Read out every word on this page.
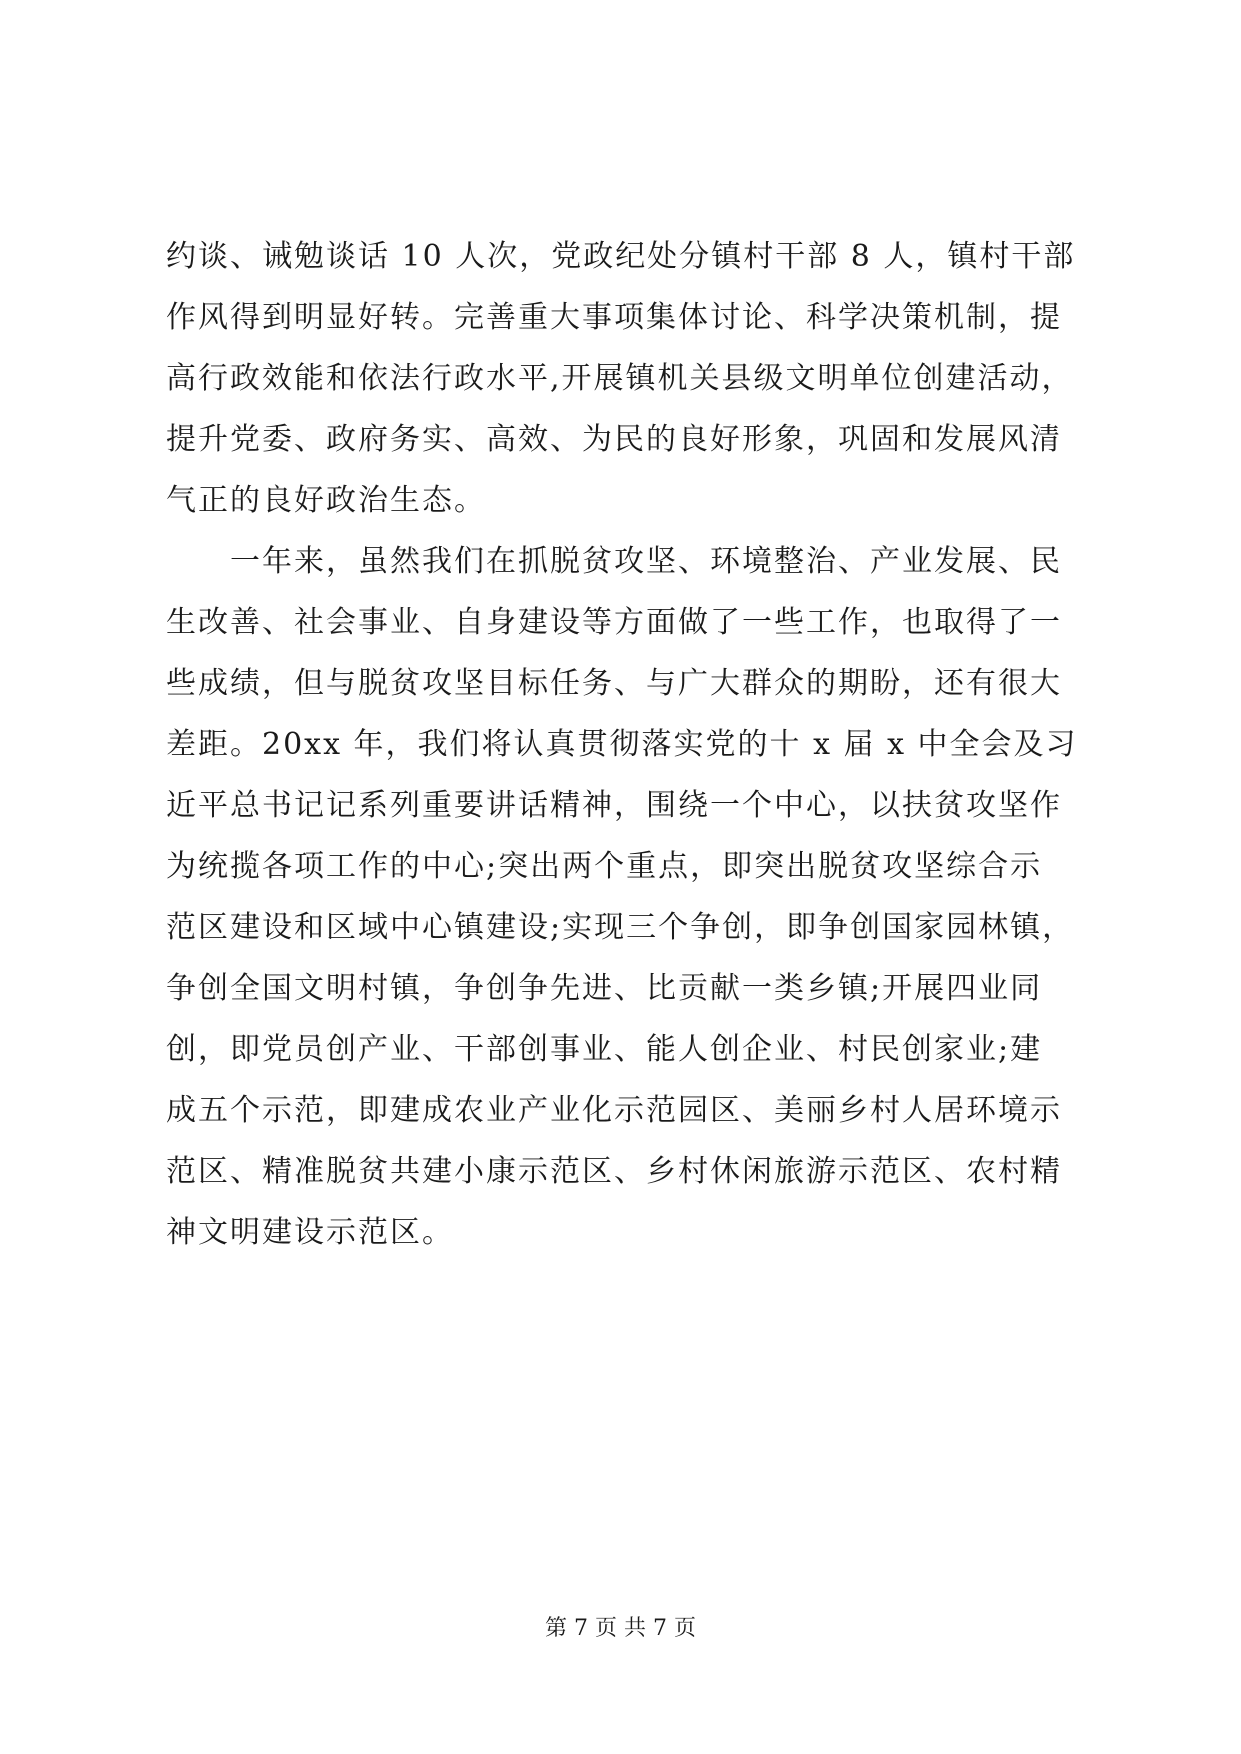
约谈、诫勉谈话 10 人次，党政纪处分镇村干部 8 人，镇村干部
作风得到明显好转。完善重大事项集体讨论、科学决策机制，提
高行政效能和依法行政水平,开展镇机关县级文明单位创建活动，
提升党委、政府务实、高效、为民的良好形象，巩固和发展风清
气正的良好政治生态。
　　一年来，虽然我们在抓脱贫攻坚、环境整治、产业发展、民
生改善、社会事业、自身建设等方面做了一些工作，也取得了一
些成绩，但与脱贫攻坚目标任务、与广大群众的期盼，还有很大
差距。20xx 年，我们将认真贯彻落实党的十 x 届 x 中全会及习
近平总书记记系列重要讲话精神，围绕一个中心，以扶贫攻坚作
为统揽各项工作的中心;突出两个重点，即突出脱贫攻坚综合示
范区建设和区域中心镇建设;实现三个争创，即争创国家园林镇，
争创全国文明村镇，争创争先进、比贡献一类乡镇;开展四业同
创，即党员创产业、干部创事业、能人创企业、村民创家业;建
成五个示范，即建成农业产业化示范园区、美丽乡村人居环境示
范区、精准脱贫共建小康示范区、乡村休闲旅游示范区、农村精
神文明建设示范区。
第 7 页 共 7 页
